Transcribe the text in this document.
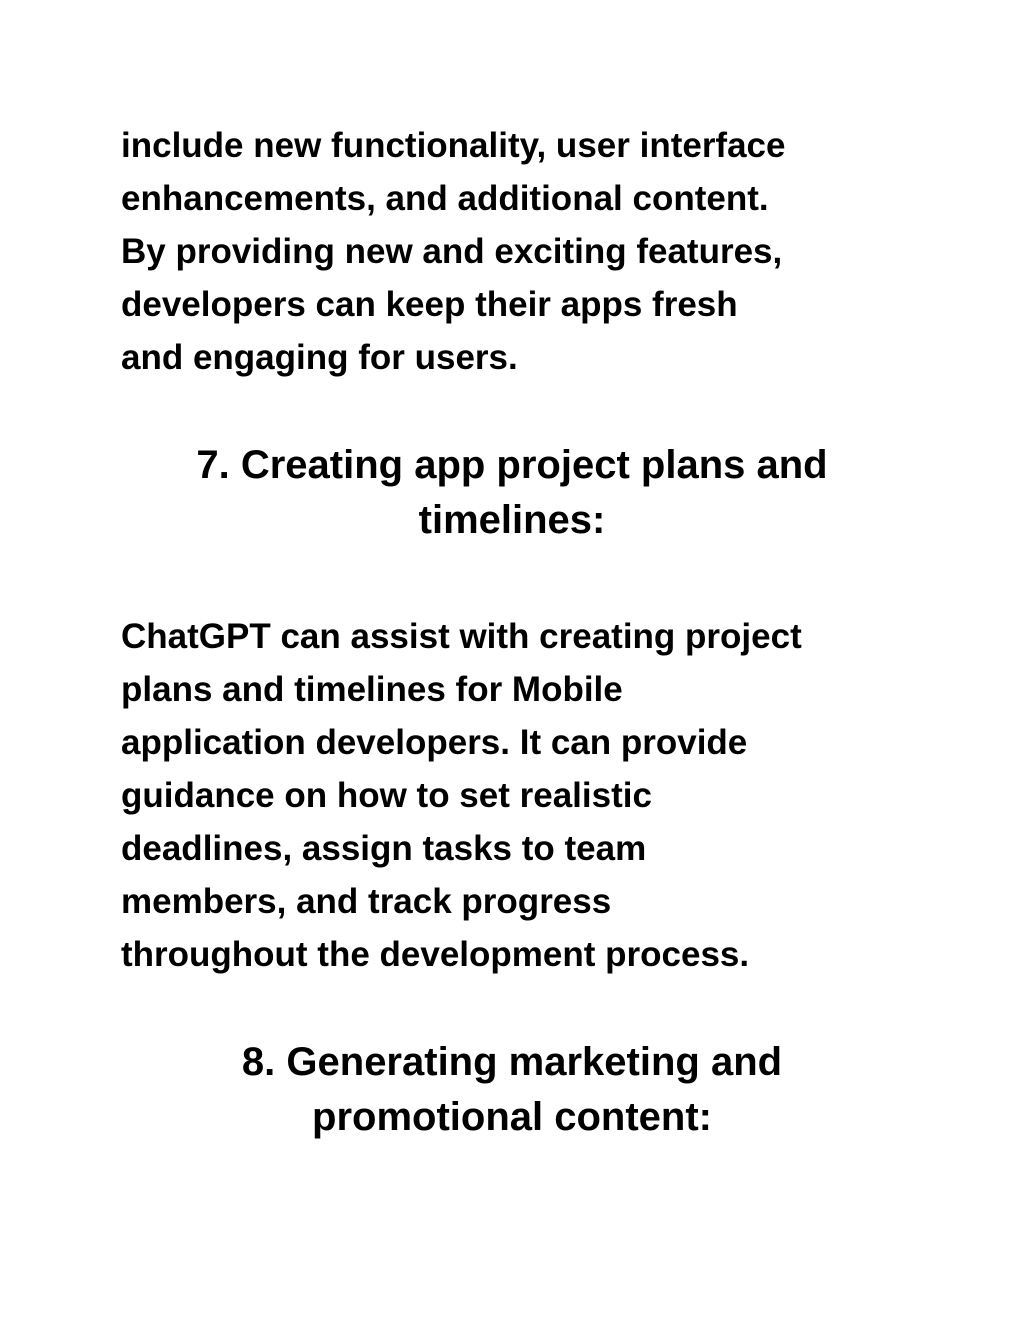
include new functionality, user interface
enhancements, and additional content.
By providing new and exciting features,
developers can keep their apps fresh
and engaging for users.

7. Creating app project plans and
timelines:

ChatGPT can assist with creating project
plans and timelines for Mobile
application developers. It can provide
guidance on how to set realistic
deadlines, assign tasks to team
members, and track progress
throughout the development process.

8. Generating marketing and
promotional content:
